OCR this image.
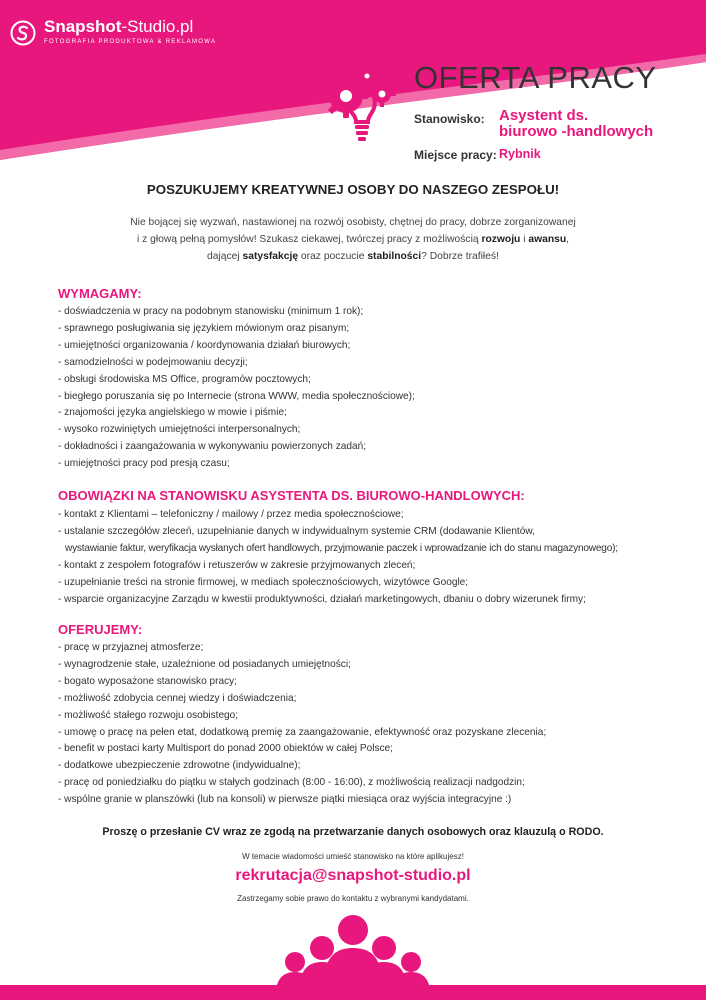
Snapshot-Studio.pl
FOTOGRAFIA PRODUKTOWA & REKLAMOWA
OFERTA PRACY
Stanowisko: Asystent ds.
biurowo -handlowych
Miejsce pracy: Rybnik
POSZUKUJEMY KREATYWNEJ OSOBY DO NASZEGO ZESPOŁU!
Nie bojącej się wyzwań, nastawionej na rozwój osobisty, chętnej do pracy, dobrze zorganizowanej
i z głową pełną pomysłów! Szukasz ciekawej, twórczej pracy z możliwością rozwoju i awansu,
dającej satysfakcję oraz poczucie stabilności? Dobrze trafiłeś!
WYMAGAMY:
- doświadczenia w pracy na podobnym stanowisku (minimum 1 rok);
- sprawnego posługiwania się językiem mówionym oraz pisanym;
- umiejętności organizowania / koordynowania działań biurowych;
- samodzielności w podejmowaniu decyzji;
- obsługi środowiska MS Office, programów pocztowych;
- biegłego poruszania się po Internecie (strona WWW, media społecznościowe);
- znajomości języka angielskiego w mowie i piśmie;
- wysoko rozwiniętych umiejętności interpersonalnych;
- dokładności i zaangażowania w wykonywaniu powierzonych zadań;
- umiejętności pracy pod presją czasu;
OBOWIĄZKI NA STANOWISKU ASYSTENTA DS. BIUROWO-HANDLOWYCH:
- kontakt z Klientami – telefoniczny / mailowy / przez media społecznościowe;
- ustalanie szczegółów zleceń, uzupełnianie danych w indywidualnym systemie CRM (dodawanie Klientów,
wystawianie faktur, weryfikacja wysłanych ofert handlowych, przyjmowanie paczek i wprowadzanie ich do stanu magazynowego);
- kontakt z zespołem fotografów i retuszerów w zakresie przyjmowanych zleceń;
- uzupełnianie treści na stronie firmowej, w mediach społecznościowych, wizytówce Google;
- wsparcie organizacyjne Zarządu w kwestii produktywności, działań marketingowych, dbaniu o dobry wizerunek firmy;
OFERUJEMY:
- pracę w przyjaznej atmosferze;
- wynagrodzenie stałe, uzależnione od posiadanych umiejętności;
- bogato wyposażone stanowisko pracy;
- możliwość zdobycia cennej wiedzy i doświadczenia;
- możliwość stałego rozwoju osobistego;
- umowę o pracę na pełen etat, dodatkową premię za zaangażowanie, efektywność oraz pozyskane zlecenia;
- benefit w postaci karty Multisport do ponad 2000 obiektów w całej Polsce;
- dodatkowe ubezpieczenie zdrowotne (indywidualne);
- pracę od poniedziałku do piątku w stałych godzinach (8:00 - 16:00), z możliwością realizacji nadgodzin;
- wspólne granie w planszówki (lub na konsoli) w pierwsze piątki miesiąca oraz wyjścia integracyjne :)
Proszę o przesłanie CV wraz ze zgodą na przetwarzanie danych osobowych oraz klauzulą o RODO.
W temacie wiadomości umieść stanowisko na które aplikujesz!
rekrutacja@snapshot-studio.pl
Zastrzegamy sobie prawo do kontaktu z wybranymi kandydatami.
